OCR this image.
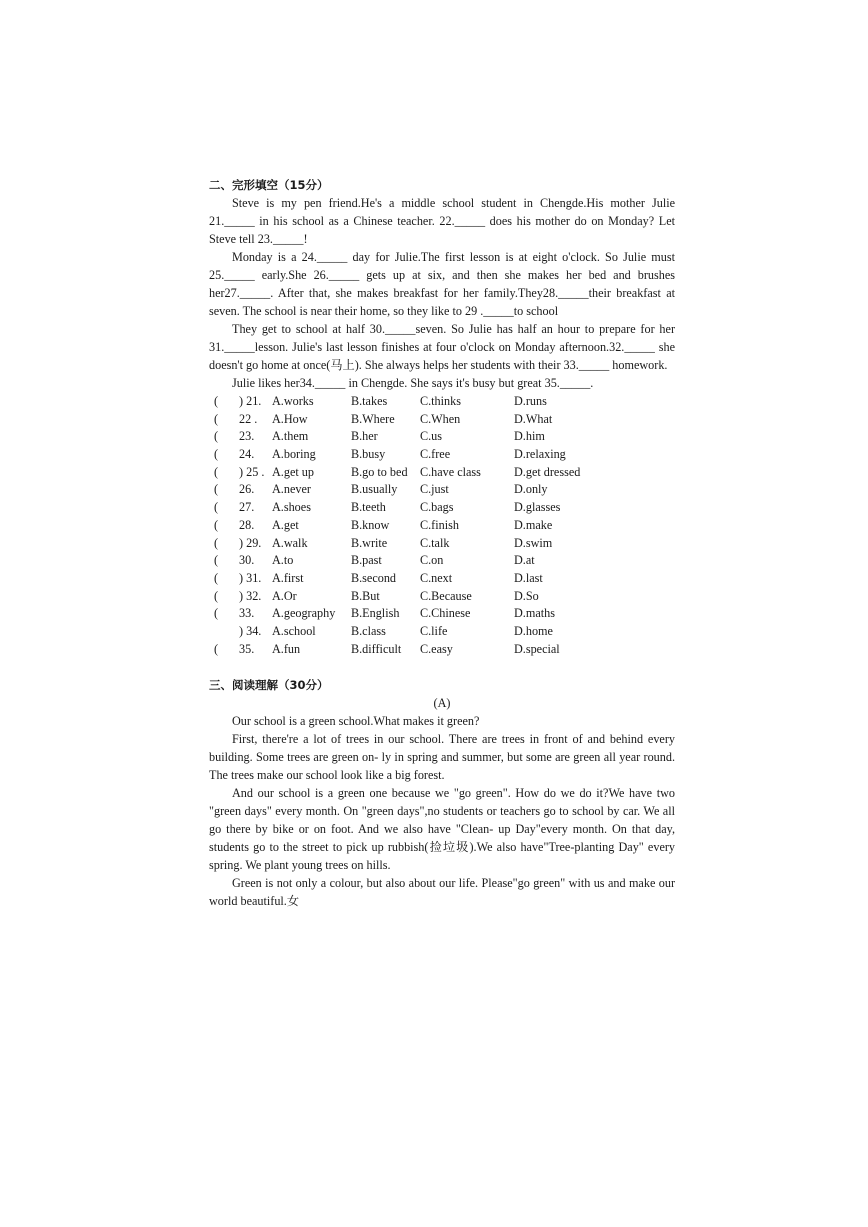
二、完形填空（15分）

Steve is my pen friend.He's a middle school student in Chengde.His mother Julie 21._____ in his school as a Chinese teacher. 22._____ does his mother do on Monday? Let Steve tell 23._____!

Monday is a 24._____ day for Julie.The first lesson is at eight o'clock. So Julie must 25._____ early.She 26._____ gets up at six, and then she makes her bed and brushes her27._____. After that, she makes breakfast for her family.They28._____their breakfast at seven. The school is near their home, so they like to 29 ._____to school

They get to school at half 30._____seven. So Julie has half an hour to prepare for her 31._____lesson. Julie's last lesson finishes at four o'clock on Monday afternoon.32._____ she doesn't go home at once(马上). She always helps her students with their 33._____ homework.

Julie likes her34._____ in Chengde. She says it's busy but great 35._____.

( ) 21. A.works	B.takes	C.thinks	D.runs
( 22 . A.How	B.Where C.When	D.What
( 23. A.them	B.her	C.us	D.him
( 24. A.boring	B.busy	C.free	D.relaxing
( ) 25 . A.get up	B.go to bed C.have class	D.get dressed
( 26. A.never	B.usually C.just	D.only
( 27. A.shoes	B.teeth	C.bags	D.glasses
( 28. A.get	B.know	C.finish	D.make
( ) 29. A.walk	B.write	C.talk	D.swim
( 30. A.to	B.past	C.on	D.at
( ) 31. A.first	B.second C.next	D.last
( ) 32. A.Or	B.But	C.Because	D.So
( 33. A.geography B.English C.Chinese	D.maths
) 34. A.school	B.class	C.life	D.home
( 35. A.fun	B.difficult C.easy	D.special
三、阅读理解（30分）
(A)

Our school is a green school.What makes it green?

First, there're a lot of trees in our school. There are trees in front of and behind every building. Some trees are green on- ly in spring and summer, but some are green all year round. The trees make our school look like a big forest.

And our school is a green one because we "go green". How do we do it?We have two "green days" every month. On "green days",no students or teachers go to school by car. We all go there by bike or on foot. And we also have "Clean- up Day"every month. On that day, students go to the street to pick up rubbish(捡垃圾).We also have"Tree-planting Day" every spring. We plant young trees on hills.

Green is not only a colour, but also about our life. Please"go green" with us and make our world beautiful.女
